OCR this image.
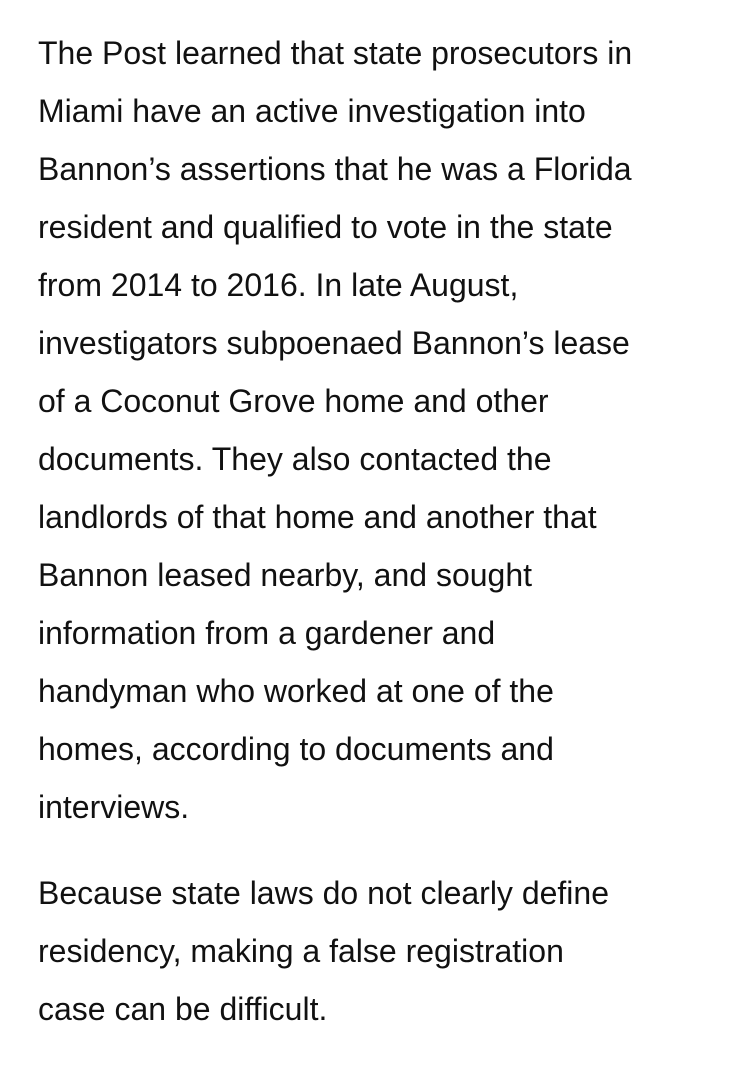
The Post learned that state prosecutors in
Miami have an active investigation into
Bannon’s assertions that he was a Florida
resident and qualified to vote in the state
from 2014 to 2016. In late August,
investigators subpoenaed Bannon’s lease
of a Coconut Grove home and other
documents. They also contacted the
landlords of that home and another that
Bannon leased nearby, and sought
information from a gardener and
handyman who worked at one of the
homes, according to documents and
interviews.
Because state laws do not clearly define
residency, making a false registration
case can be difficult.
